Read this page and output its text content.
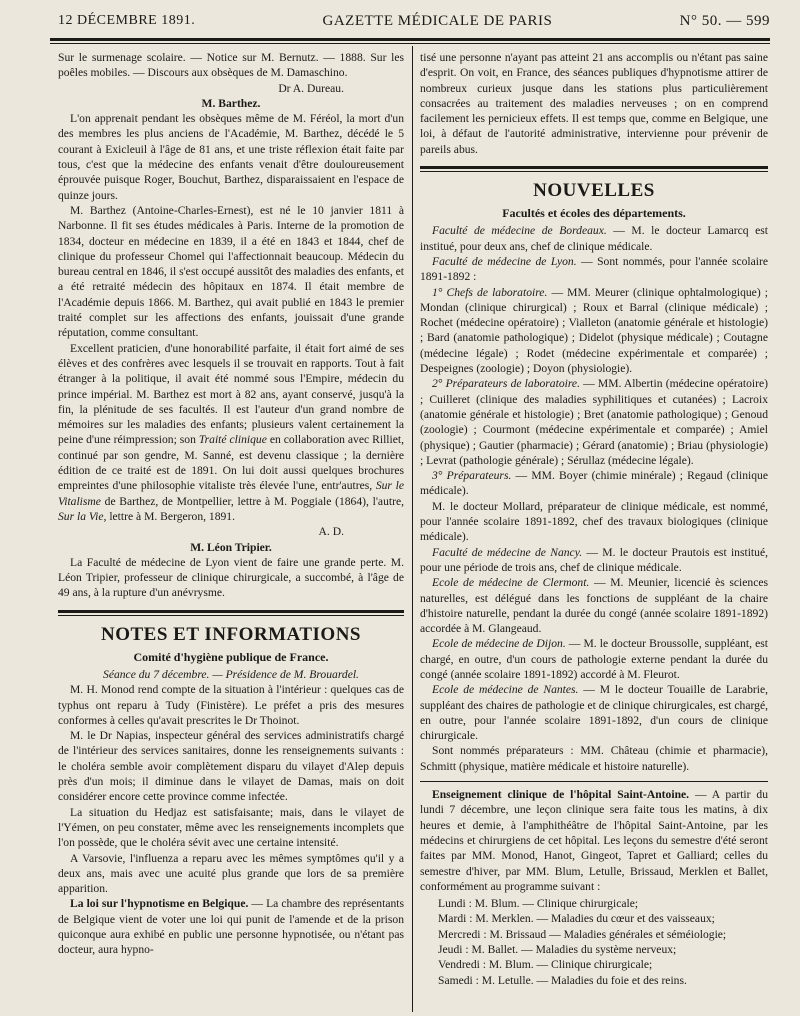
12 DÉCEMBRE 1891.	GAZETTE MÉDICALE DE PARIS	N° 50. — 599

Sur le surmenage scolaire. — Notice sur M. Bernutz. — 1888. Sur les poêles mobiles. — Discours aux obsèques de M. Damaschino.

Dr A. Dureau.
M. Barthez.

L'on apprenait pendant les obsèques même de M. Féréol, la mort d'un des membres les plus anciens de l'Académie, M. Barthez, décédé le 5 courant à Exicleuil à l'âge de 81 ans, et une triste réflexion était faite par tous, c'est que la médecine des enfants venait d'être douloureusement éprouvée puisque Roger, Bouchut, Barthez, disparaissaient en l'espace de quinze jours.

M. Barthez (Antoine-Charles-Ernest), est né le 10 janvier 1811 à Narbonne. Il fit ses études médicales à Paris. Interne de la promotion de 1834, docteur en médecine en 1839, il a été en 1843 et 1844, chef de clinique du professeur Chomel qui l'affectionnait beaucoup. Médecin du bureau central en 1846, il s'est occupé aussitôt des maladies des enfants, et a été retraité médecin des hôpitaux en 1874. Il était membre de l'Académie depuis 1866. M. Barthez, qui avait publié en 1843 le premier traité complet sur les affections des enfants, jouissait d'une grande réputation, comme consultant.

Excellent praticien, d'une honorabilité parfaite, il était fort aimé de ses élèves et des confrères avec lesquels il se trouvait en rapports. Tout à fait étranger à la politique, il avait été nommé sous l'Empire, médecin du prince impérial. M. Barthez est mort à 82 ans, ayant conservé, jusqu'à la fin, la plénitude de ses facultés. Il est l'auteur d'un grand nombre de mémoires sur les maladies des enfants; plusieurs valent certainement la peine d'une réimpression; son Traité clinique en collaboration avec Rilliet, continué par son gendre, M. Sanné, est devenu classique ; la dernière édition de ce traité est de 1891. On lui doit aussi quelques brochures empreintes d'une philosophie vitaliste très élevée l'une, entr'autres, Sur le Vitalisme de Barthez, de Montpellier, lettre à M. Poggiale (1864), l'autre, Sur la Vie, lettre à M. Bergeron, 1891.

A. D.
M. Léon Tripier.

La Faculté de médecine de Lyon vient de faire une grande perte. M. Léon Tripier, professeur de clinique chirurgicale, a succombé, à l'âge de 49 ans, à la rupture d'un anévrysme.

NOTES ET INFORMATIONS
Comité d'hygiène publique de France.
Séance du 7 décembre. — Présidence de M. Brouardel.

M. H. Monod rend compte de la situation à l'intérieur : quelques cas de typhus ont reparu à Tudy (Finistère). Le préfet a pris des mesures conformes à celles qu'avait prescrites le Dr Thoinot.

M. le Dr Napias, inspecteur général des services administratifs chargé de l'intérieur des services sanitaires, donne les renseignements suivants : le choléra semble avoir complètement disparu du vilayet d'Alep depuis près d'un mois; il diminue dans le vilayet de Damas, mais on doit considérer encore cette province comme infectée.

La situation du Hedjaz est satisfaisante; mais, dans le vilayet de l'Yémen, on peu constater, même avec les renseignements incomplets que l'on possède, que le choléra sévit avec une certaine intensité.

A Varsovie, l'influenza a reparu avec les mêmes symptômes qu'il y a deux ans, mais avec une acuité plus grande que lors de sa première apparition.

La loi sur l'hypnotisme en Belgique. — La chambre des représentants de Belgique vient de voter une loi qui punit de l'amende et de la prison quiconque aura exhibé en public une personne hypnotisée, ou n'étant pas docteur, aura hypno-

tisé une personne n'ayant pas atteint 21 ans accomplis ou n'étant pas saine d'esprit. On voit, en France, des séances publiques d'hypnotisme attirer de nombreux curieux jusque dans les stations plus particulièrement consacrées au traitement des maladies nerveuses ; on en comprend facilement les pernicieux effets. Il est temps que, comme en Belgique, une loi, à défaut de l'autorité administrative, intervienne pour prévenir de pareils abus.

NOUVELLES
Facultés et écoles des départements.

Faculté de médecine de Bordeaux. — M. le docteur Lamarcq est institué, pour deux ans, chef de clinique médicale.

Faculté de médecine de Lyon. — Sont nommés, pour l'année scolaire 1891-1892 :

1° Chefs de laboratoire. — MM. Meurer (clinique ophtalmologique) ; Mondan (clinique chirurgical) ; Roux et Barral (clinique médicale) ; Rochet (médecine opératoire) ; Vialleton (anatomie générale et histologie) ; Bard (anatomie pathologique) ; Didelot (physique médicale) ; Coutagne (médecine légale) ; Rodet (médecine expérimentale et comparée) ; Despeignes (zoologie) ; Doyon (physiologie).

2° Préparateurs de laboratoire. — MM. Albertin (médecine opératoire) ; Cuilleret (clinique des maladies syphilitiques et cutanées) ; Lacroix (anatomie générale et histologie) ; Bret (anatomie pathologique) ; Genoud (zoologie) ; Courmont (médecine expérimentale et comparée) ; Amiel (physique) ; Gautier (pharmacie) ; Gérard (anatomie) ; Briau (physiologie) ; Levrat (pathologie générale) ; Sérullaz (médecine légale).

3° Préparateurs. — MM. Boyer (chimie minérale) ; Regaud (clinique médicale).

M. le docteur Mollard, préparateur de clinique médicale, est nommé, pour l'année scolaire 1891-1892, chef des travaux biologiques (clinique médicale).

Faculté de médecine de Nancy. — M. le docteur Prautois est institué, pour une période de trois ans, chef de clinique médicale.

Ecole de médecine de Clermont. — M. Meunier, licencié ès sciences naturelles, est délégué dans les fonctions de suppléant de la chaire d'histoire naturelle, pendant la durée du congé (année scolaire 1891-1892) accordée à M. Glangeaud.

Ecole de médecine de Dijon. — M. le docteur Broussolle, suppléant, est chargé, en outre, d'un cours de pathologie externe pendant la durée du congé (année scolaire 1891-1892) accordé à M. Fleurot.

Ecole de médecine de Nantes. — M le docteur Touaille de Larabrie, suppléant des chaires de pathologie et de clinique chirurgicales, est chargé, en outre, pour l'année scolaire 1891-1892, d'un cours de clinique chirurgicale.

Sont nommés préparateurs : MM. Château (chimie et pharmacie), Schmitt (physique, matière médicale et histoire naturelle).

Enseignement clinique de l'hôpital Saint-Antoine. — A partir du lundi 7 décembre, une leçon clinique sera faite tous les matins, à dix heures et demie, à l'amphithéâtre de l'hôpital Saint-Antoine, par les médecins et chirurgiens de cet hôpital. Les leçons du semestre d'été seront faites par MM. Monod, Hanot, Gingeot, Tapret et Galliard; celles du semestre d'hiver, par MM. Blum, Letulle, Brissaud, Merklen et Ballet, conformément au programme suivant :

Lundi : M. Blum. — Clinique chirurgicale;
Mardi : M. Merklen. — Maladies du cœur et des vaisseaux;
Mercredi : M. Brissaud — Maladies générales et séméiologie;
Jeudi : M. Ballet. — Maladies du système nerveux;
Vendredi : M. Blum. — Clinique chirurgicale;
Samedi : M. Letulle. — Maladies du foie et des reins.
